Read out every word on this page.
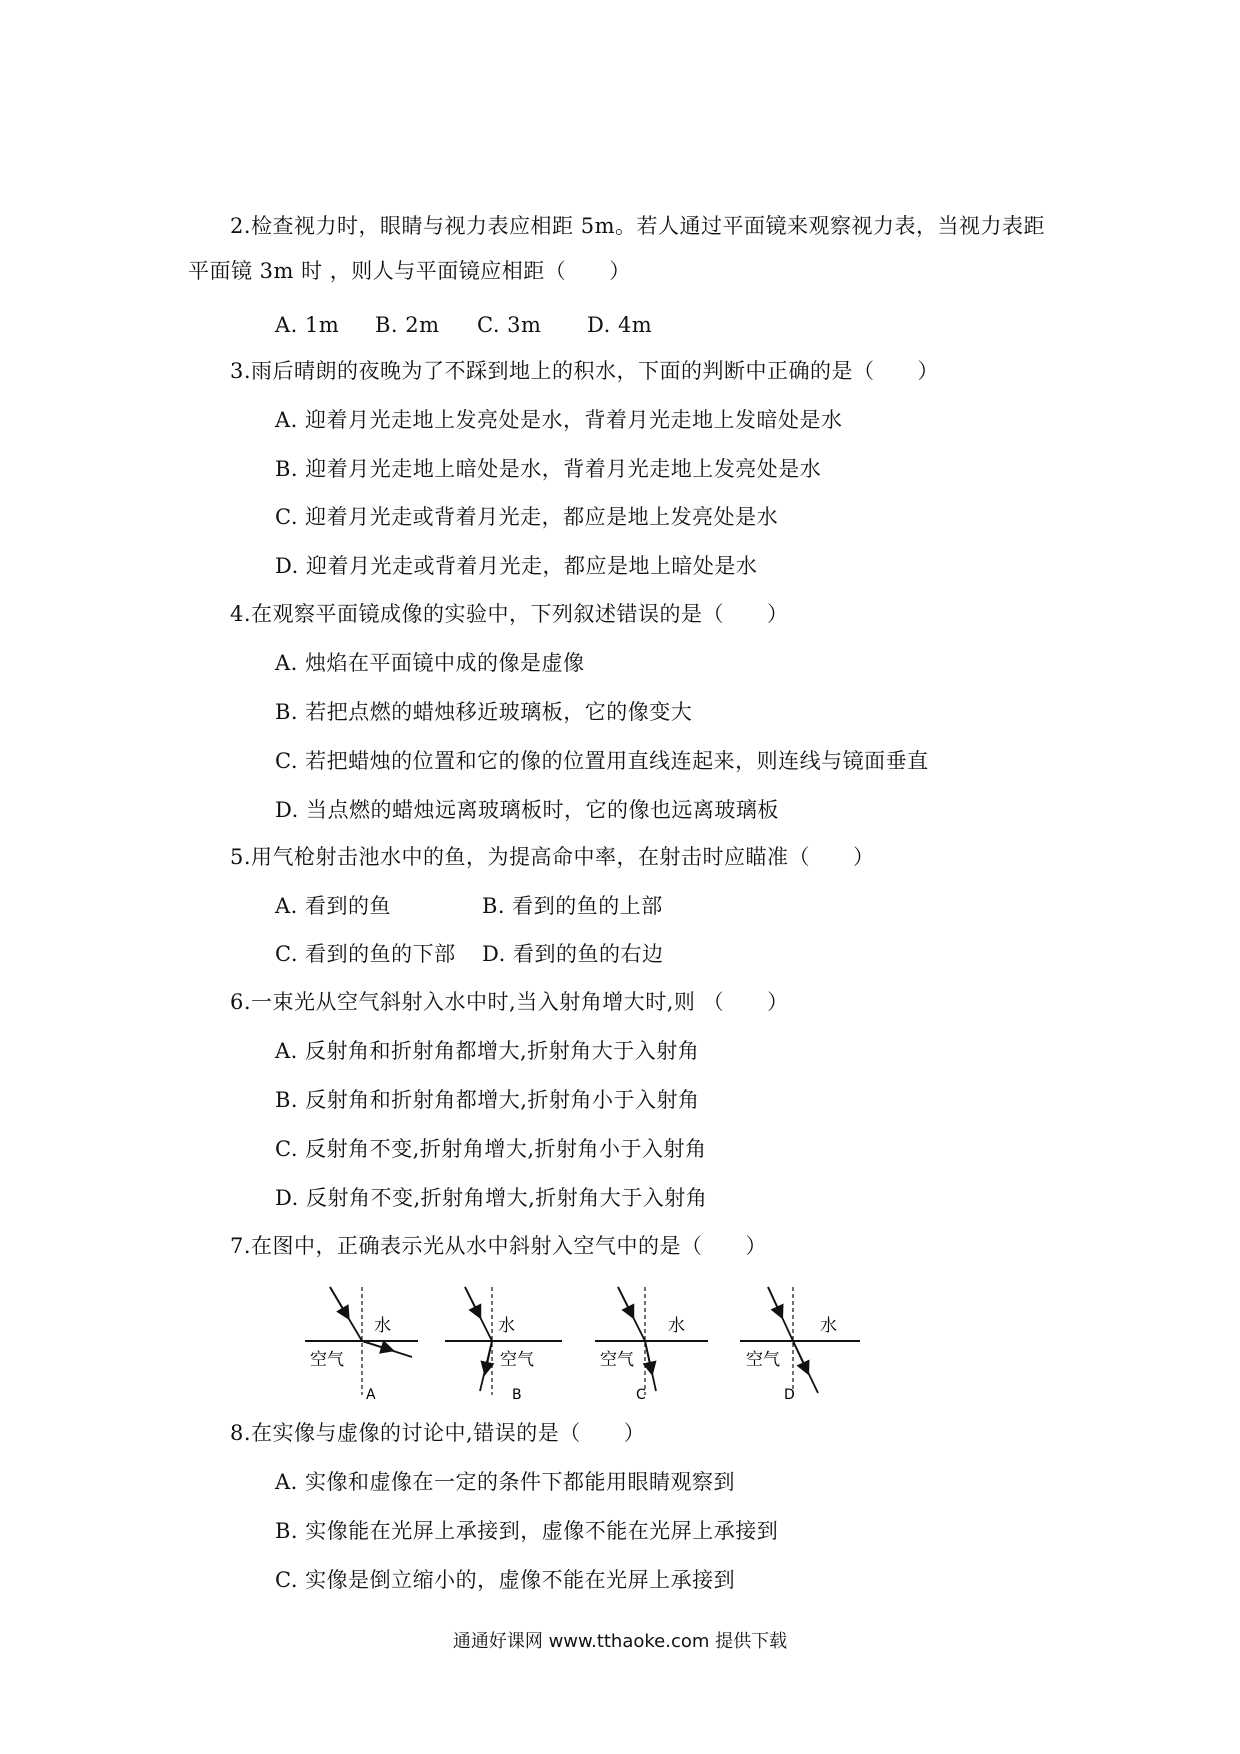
2.检查视力时，眼睛与视力表应相距 5m。若人通过平面镜来观察视力表，当视力表距
平面镜 3m 时 ，则人与平面镜应相距（　　）
A. 1m B. 2m C. 3m D. 4m
3.雨后晴朗的夜晚为了不踩到地上的积水，下面的判断中正确的是（　　）
A. 迎着月光走地上发亮处是水，背着月光走地上发暗处是水
B. 迎着月光走地上暗处是水，背着月光走地上发亮处是水
C. 迎着月光走或背着月光走，都应是地上发亮处是水
D. 迎着月光走或背着月光走，都应是地上暗处是水
4.在观察平面镜成像的实验中，下列叙述错误的是（　　）
A. 烛焰在平面镜中成的像是虚像
B. 若把点燃的蜡烛移近玻璃板，它的像变大
C. 若把蜡烛的位置和它的像的位置用直线连起来，则连线与镜面垂直
D. 当点燃的蜡烛远离玻璃板时，它的像也远离玻璃板
5.用气枪射击池水中的鱼，为提高命中率，在射击时应瞄准（　　）
A. 看到的鱼	B. 看到的鱼的上部
C. 看到的鱼的下部 D. 看到的鱼的右边
6.一束光从空气斜射入水中时,当入射角增大时,则 （　　）
A. 反射角和折射角都增大,折射角大于入射角
B. 反射角和折射角都增大,折射角小于入射角
C. 反射角不变,折射角增大,折射角小于入射角
D. 反射角不变,折射角增大,折射角大于入射角
7.在图中，正确表示光从水中斜射入空气中的是（　　）
水
空气
A
水
空气
B
水
空气
C
水
空气
D
8.在实像与虚像的讨论中,错误的是（　　）
A. 实像和虚像在一定的条件下都能用眼睛观察到
B. 实像能在光屏上承接到，虚像不能在光屏上承接到
C. 实像是倒立缩小的，虚像不能在光屏上承接到
通通好课网 www.tthaoke.com 提供下载
